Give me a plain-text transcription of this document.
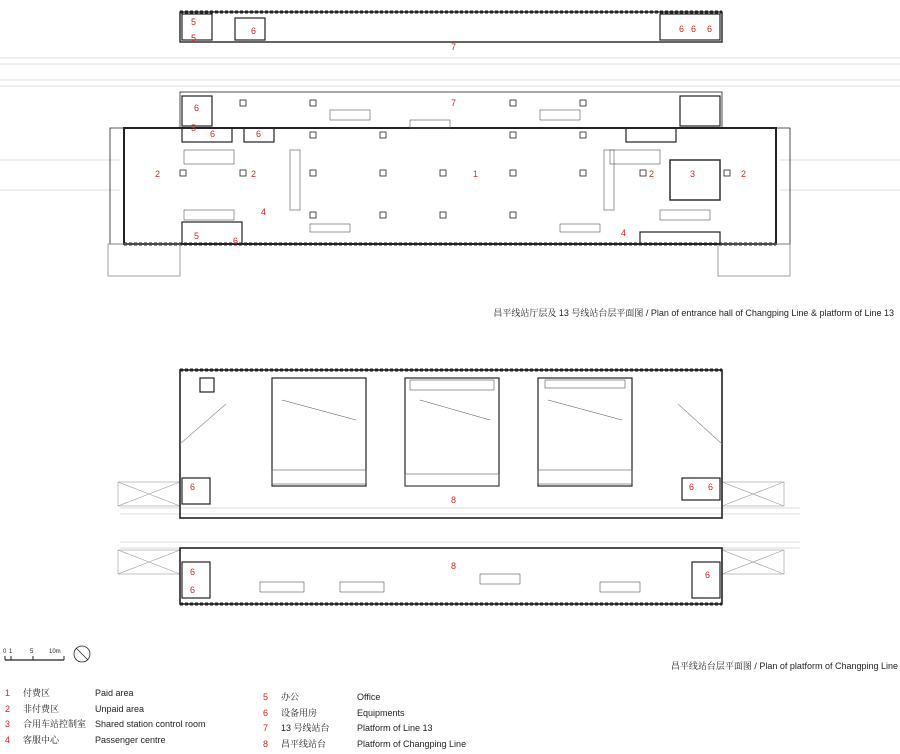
5
5
6	6 6 6
7
7
6
5
6	6
2	2	1	2	3	2
4
5	6
4
6	6
8
6
6
8
6
6
昌平线站厅层及 13 号线站台层平面图 / Plan of entrance hall of Changping Line & platform of Line 13
昌平线站台层平面图 / Plan of platform of Changping Line
0 1	5	10m
1	付费区	Paid area
2	非付费区	Unpaid area
3	合用车站控制室 Shared station control room
4	客服中心	Passenger centre
5	办公	Office
6	设备用房	Equipments
7	13 号线站台	Platform of Line 13
8	昌平线站台	Platform of Changping Line
